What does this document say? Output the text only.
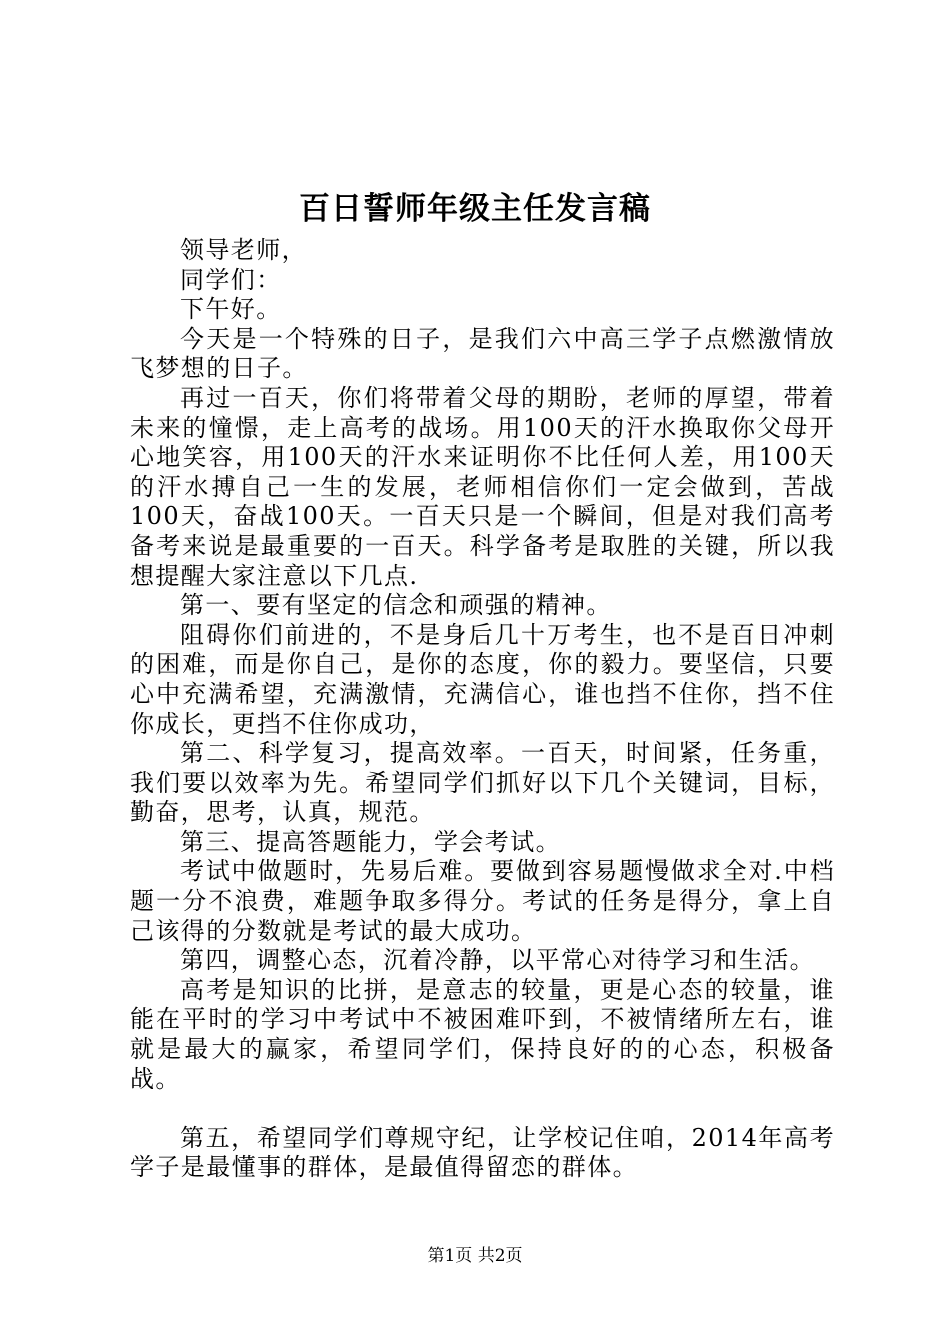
百日誓师年级主任发言稿

领导老师，

同学们：

下午好。

今天是一个特殊的日子，是我们六中高三学子点燃激情放飞梦想的日子。

再过一百天，你们将带着父母的期盼，老师的厚望，带着未来的憧憬，走上高考的战场。用100天的汗水换取你父母开心地笑容，用100天的汗水来证明你不比任何人差，用100天的汗水搏自己一生的发展，老师相信你们一定会做到，苦战100天，奋战100天。一百天只是一个瞬间，但是对我们高考备考来说是最重要的一百天。科学备考是取胜的关键，所以我想提醒大家注意以下几点.

第一、要有坚定的信念和顽强的精神。

阻碍你们前进的，不是身后几十万考生，也不是百日冲刺的困难，而是你自己，是你的态度，你的毅力。要坚信，只要心中充满希望，充满激情，充满信心，谁也挡不住你，挡不住你成长，更挡不住你成功，

第二、科学复习，提高效率。一百天，时间紧，任务重，我们要以效率为先。希望同学们抓好以下几个关键词，目标，勤奋，思考，认真，规范。

第三、提高答题能力，学会考试。

考试中做题时，先易后难。要做到容易题慢做求全对.中档题一分不浪费，难题争取多得分。考试的任务是得分，拿上自己该得的分数就是考试的最大成功。

第四，调整心态，沉着冷静，以平常心对待学习和生活。

高考是知识的比拼，是意志的较量，更是心态的较量，谁能在平时的学习中考试中不被困难吓到，不被情绪所左右，谁就是最大的赢家，希望同学们，保持良好的的心态，积极备战。

第五，希望同学们尊规守纪，让学校记住咱，2014年高考学子是最懂事的群体，是最值得留恋的群体。

第1页 共2页
